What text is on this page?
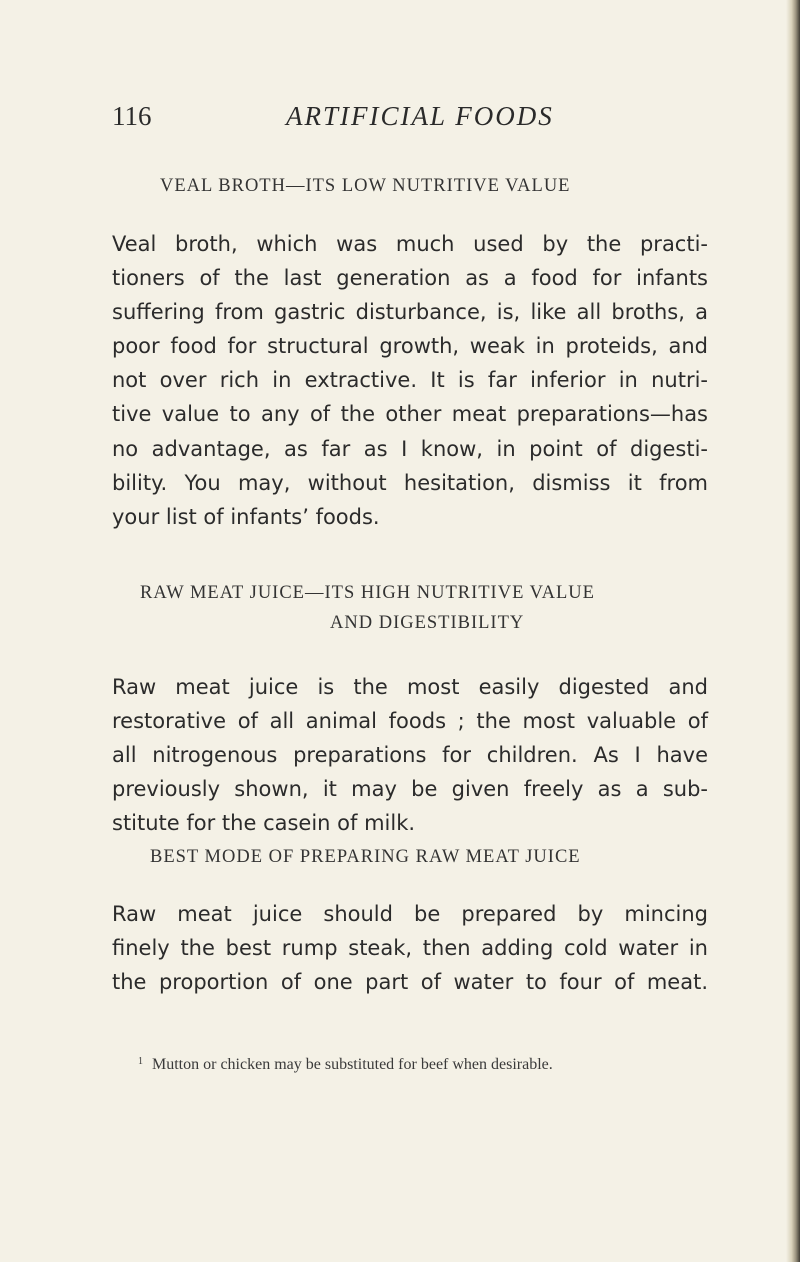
116	ARTIFICIAL FOODS
VEAL BROTH—ITS LOW NUTRITIVE VALUE
Veal broth, which was much used by the practi-
tioners of the last generation as a food for infants
suffering from gastric disturbance, is, like all broths, a
poor food for structural growth, weak in proteids, and
not over rich in extractive. It is far inferior in nutri-
tive value to any of the other meat preparations—has
no advantage, as far as I know, in point of digesti-
bility. You may, without hesitation, dismiss it from
your list of infants’ foods.
RAW MEAT JUICE—ITS HIGH NUTRITIVE VALUE
AND DIGESTIBILITY
Raw meat juice is the most easily digested and
restorative of all animal foods ; the most valuable of
all nitrogenous preparations for children. As I have
previously shown, it may be given freely as a sub-
stitute for the casein of milk.
BEST MODE OF PREPARING RAW MEAT JUICE
Raw meat juice should be prepared by mincing
finely the best rump steak, then adding cold water in
the proportion of one part of water to four of meat.
$^1$ Mutton or chicken may be substituted for beef when desirable.
